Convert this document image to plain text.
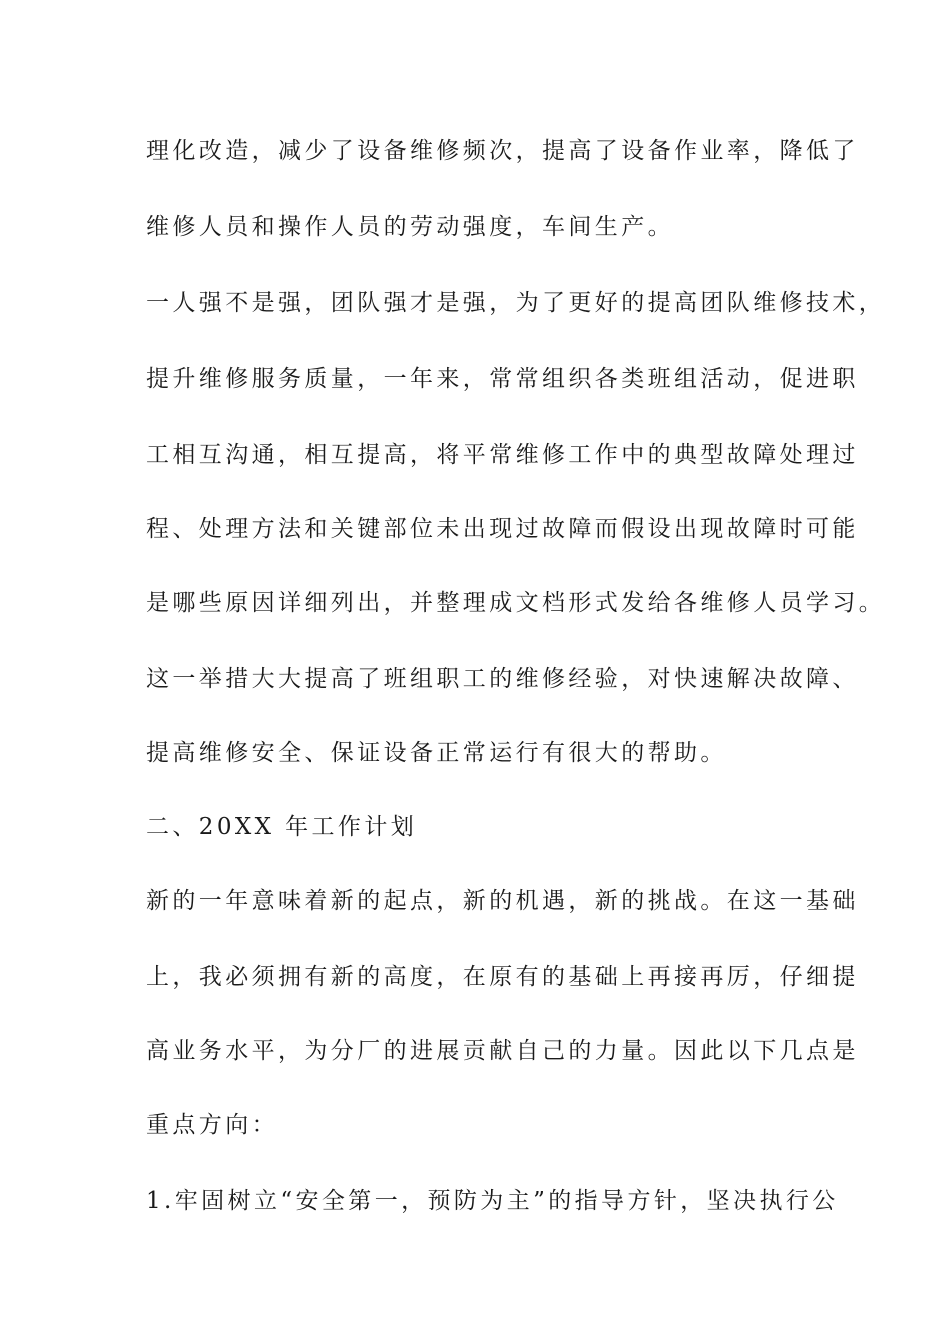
理化改造，减少了设备维修频次，提高了设备作业率，降低了
维修人员和操作人员的劳动强度，车间生产。
一人强不是强，团队强才是强，为了更好的提高团队维修技术，
提升维修服务质量，一年来，常常组织各类班组活动，促进职
工相互沟通，相互提高，将平常维修工作中的典型故障处理过
程、处理方法和关键部位未出现过故障而假设出现故障时可能
是哪些原因详细列出，并整理成文档形式发给各维修人员学习。
这一举措大大提高了班组职工的维修经验，对快速解决故障、
提高维修安全、保证设备正常运行有很大的帮助。
二、20XX 年工作计划
新的一年意味着新的起点，新的机遇，新的挑战。在这一基础
上，我必须拥有新的高度，在原有的基础上再接再厉，仔细提
高业务水平，为分厂的进展贡献自己的力量。因此以下几点是
重点方向：
1.牢固树立“安全第一，预防为主”的指导方针，坚决执行公
